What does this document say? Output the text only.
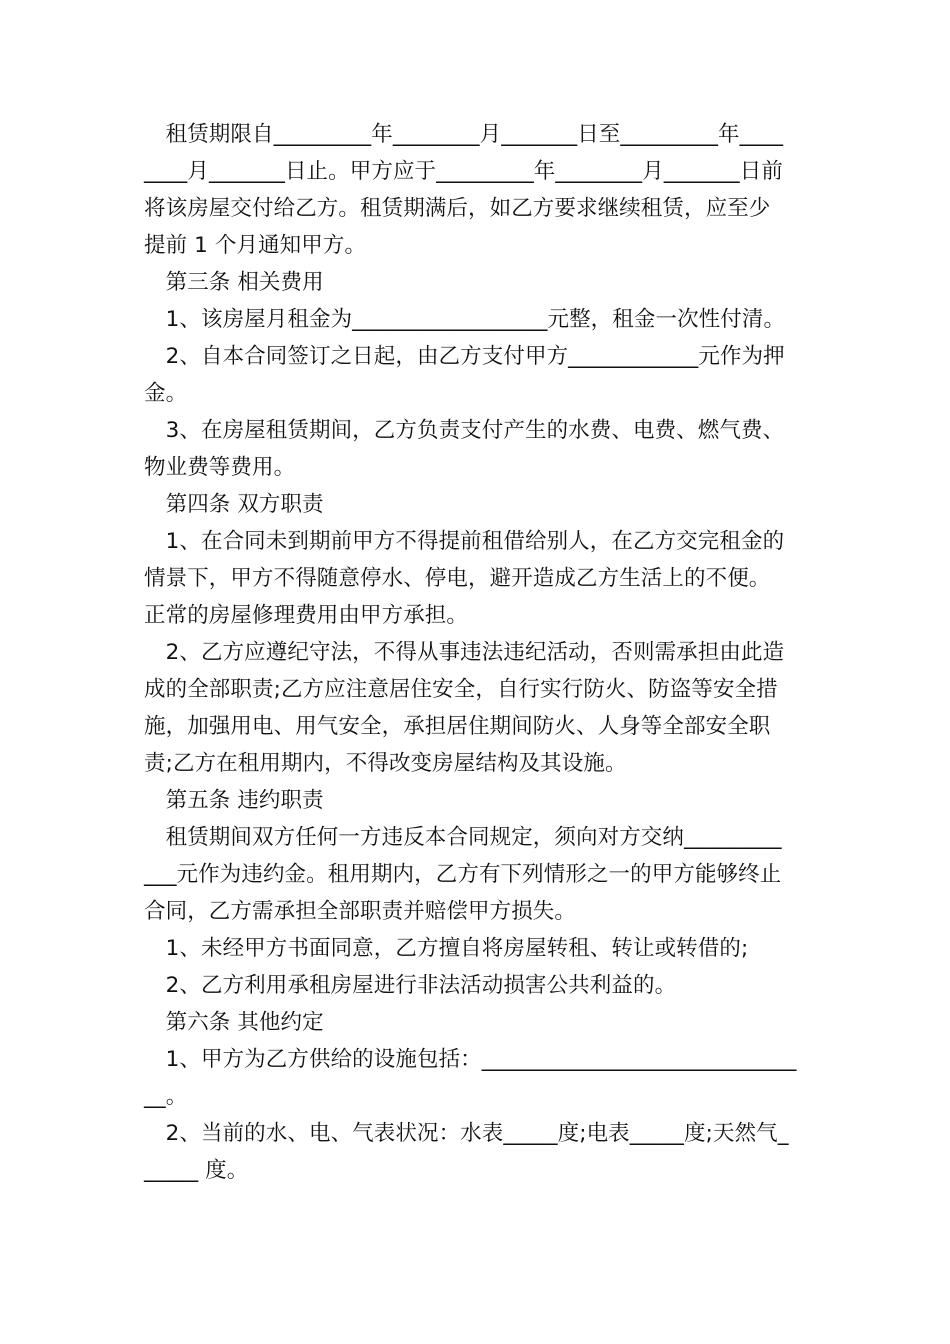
　租赁期限自_________年________月_______日至_________年____
____月_______日止。甲方应于_________年________月_______日前
将该房屋交付给乙方。租赁期满后，如乙方要求继续租赁，应至少
提前 1 个月通知甲方。
　第三条 相关费用
　1、该房屋月租金为__________________元整，租金一次性付清。
　2、自本合同签订之日起，由乙方支付甲方____________元作为押
金。
　3、在房屋租赁期间，乙方负责支付产生的水费、电费、燃气费、
物业费等费用。
　第四条 双方职责
　1、在合同未到期前甲方不得提前租借给别人，在乙方交完租金的
情景下，甲方不得随意停水、停电，避开造成乙方生活上的不便。
正常的房屋修理费用由甲方承担。
　2、乙方应遵纪守法，不得从事违法违纪活动，否则需承担由此造
成的全部职责;乙方应注意居住安全，自行实行防火、防盗等安全措
施，加强用电、用气安全，承担居住期间防火、人身等全部安全职
责;乙方在租用期内，不得改变房屋结构及其设施。
　第五条 违约职责
　租赁期间双方任何一方违反本合同规定，须向对方交纳_________
___元作为违约金。租用期内，乙方有下列情形之一的甲方能够终止
合同，乙方需承担全部职责并赔偿甲方损失。
　1、未经甲方书面同意，乙方擅自将房屋转租、转让或转借的;
　2、乙方利用承租房屋进行非法活动损害公共利益的。
　第六条 其他约定
　1、甲方为乙方供给的设施包括：_____________________________
__。
　2、当前的水、电、气表状况：水表_____度;电表_____度;天然气_
_____ 度。
